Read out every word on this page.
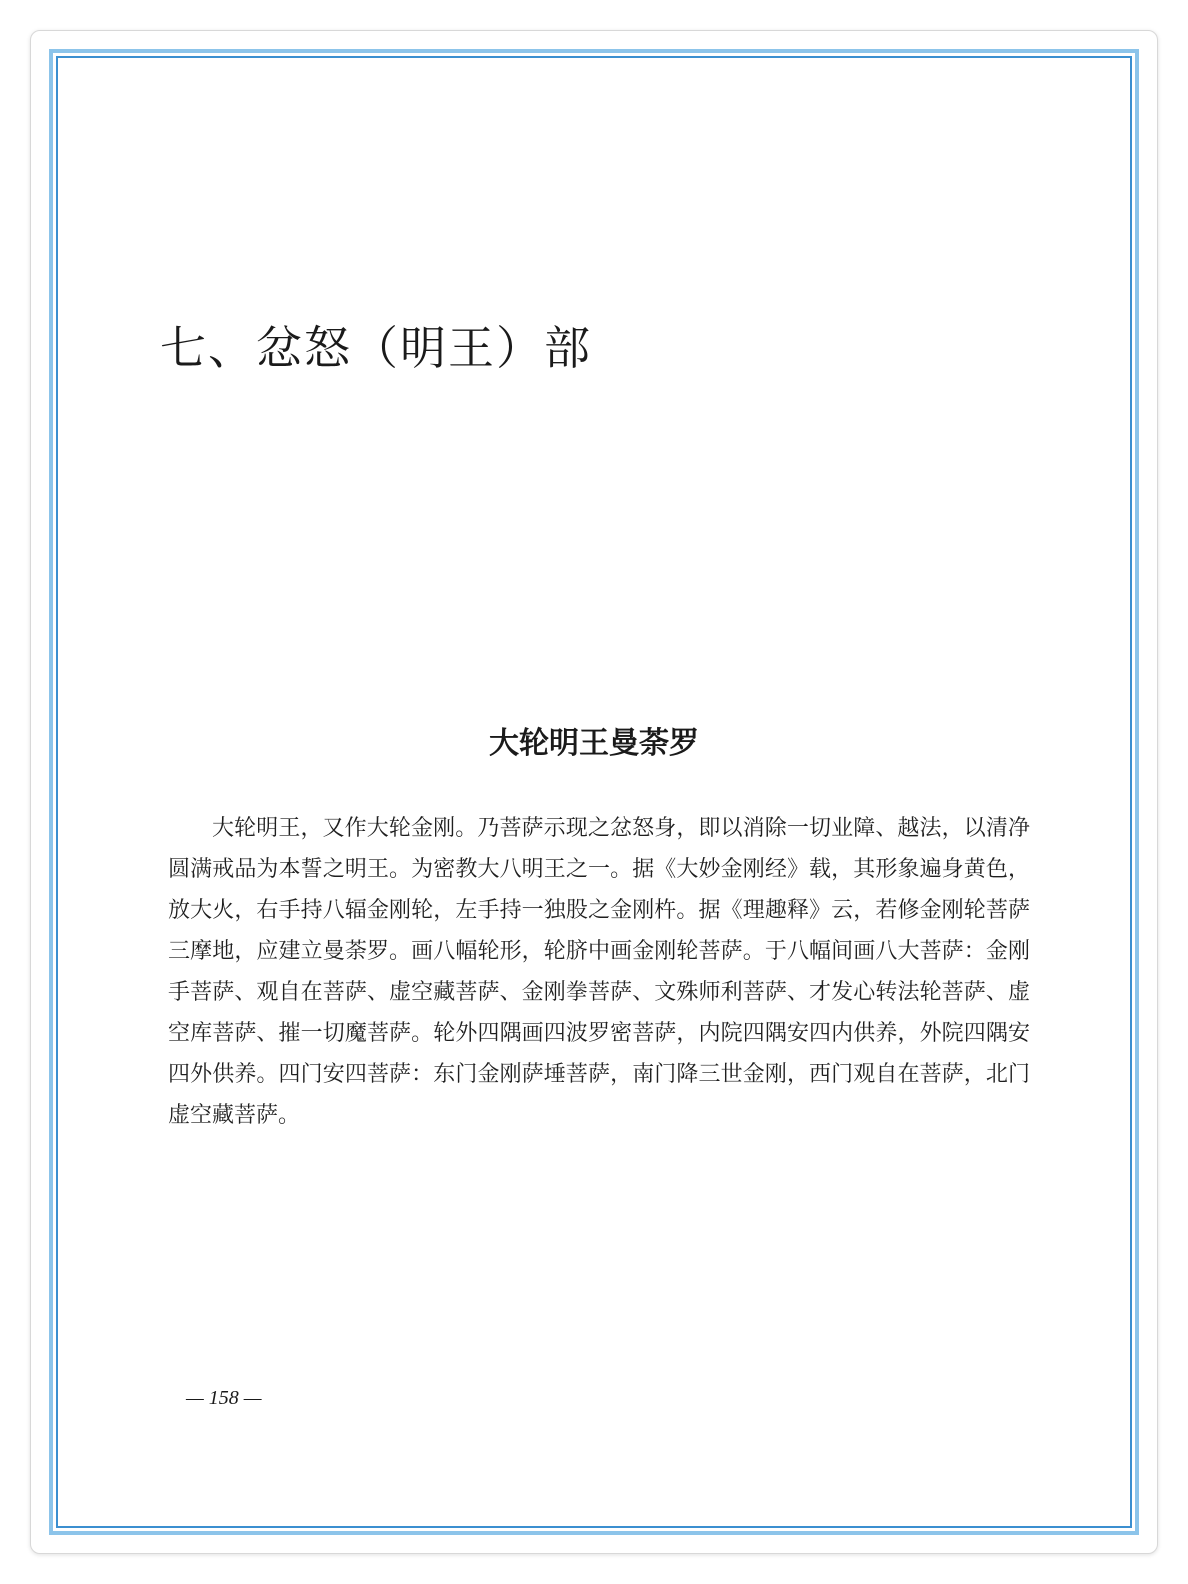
七、忿怒（明王）部
大轮明王曼荼罗

大轮明王，又作大轮金刚。乃菩萨示现之忿怒身，即以消除一切业障、越法，以清净圆满戒品为本誓之明王。为密教大八明王之一。据《大妙金刚经》载，其形象遍身黄色，放大火，右手持八辐金刚轮，左手持一独股之金刚杵。据《理趣释》云，若修金刚轮菩萨三摩地，应建立曼荼罗。画八幅轮形，轮脐中画金刚轮菩萨。于八幅间画八大菩萨：金刚手菩萨、观自在菩萨、虚空藏菩萨、金刚拳菩萨、文殊师利菩萨、才发心转法轮菩萨、虚空库菩萨、摧一切魔菩萨。轮外四隅画四波罗密菩萨，内院四隅安四内供养，外院四隅安四外供养。四门安四菩萨：东门金刚萨埵菩萨，南门降三世金刚，西门观自在菩萨，北门虚空藏菩萨。

— 158 —
